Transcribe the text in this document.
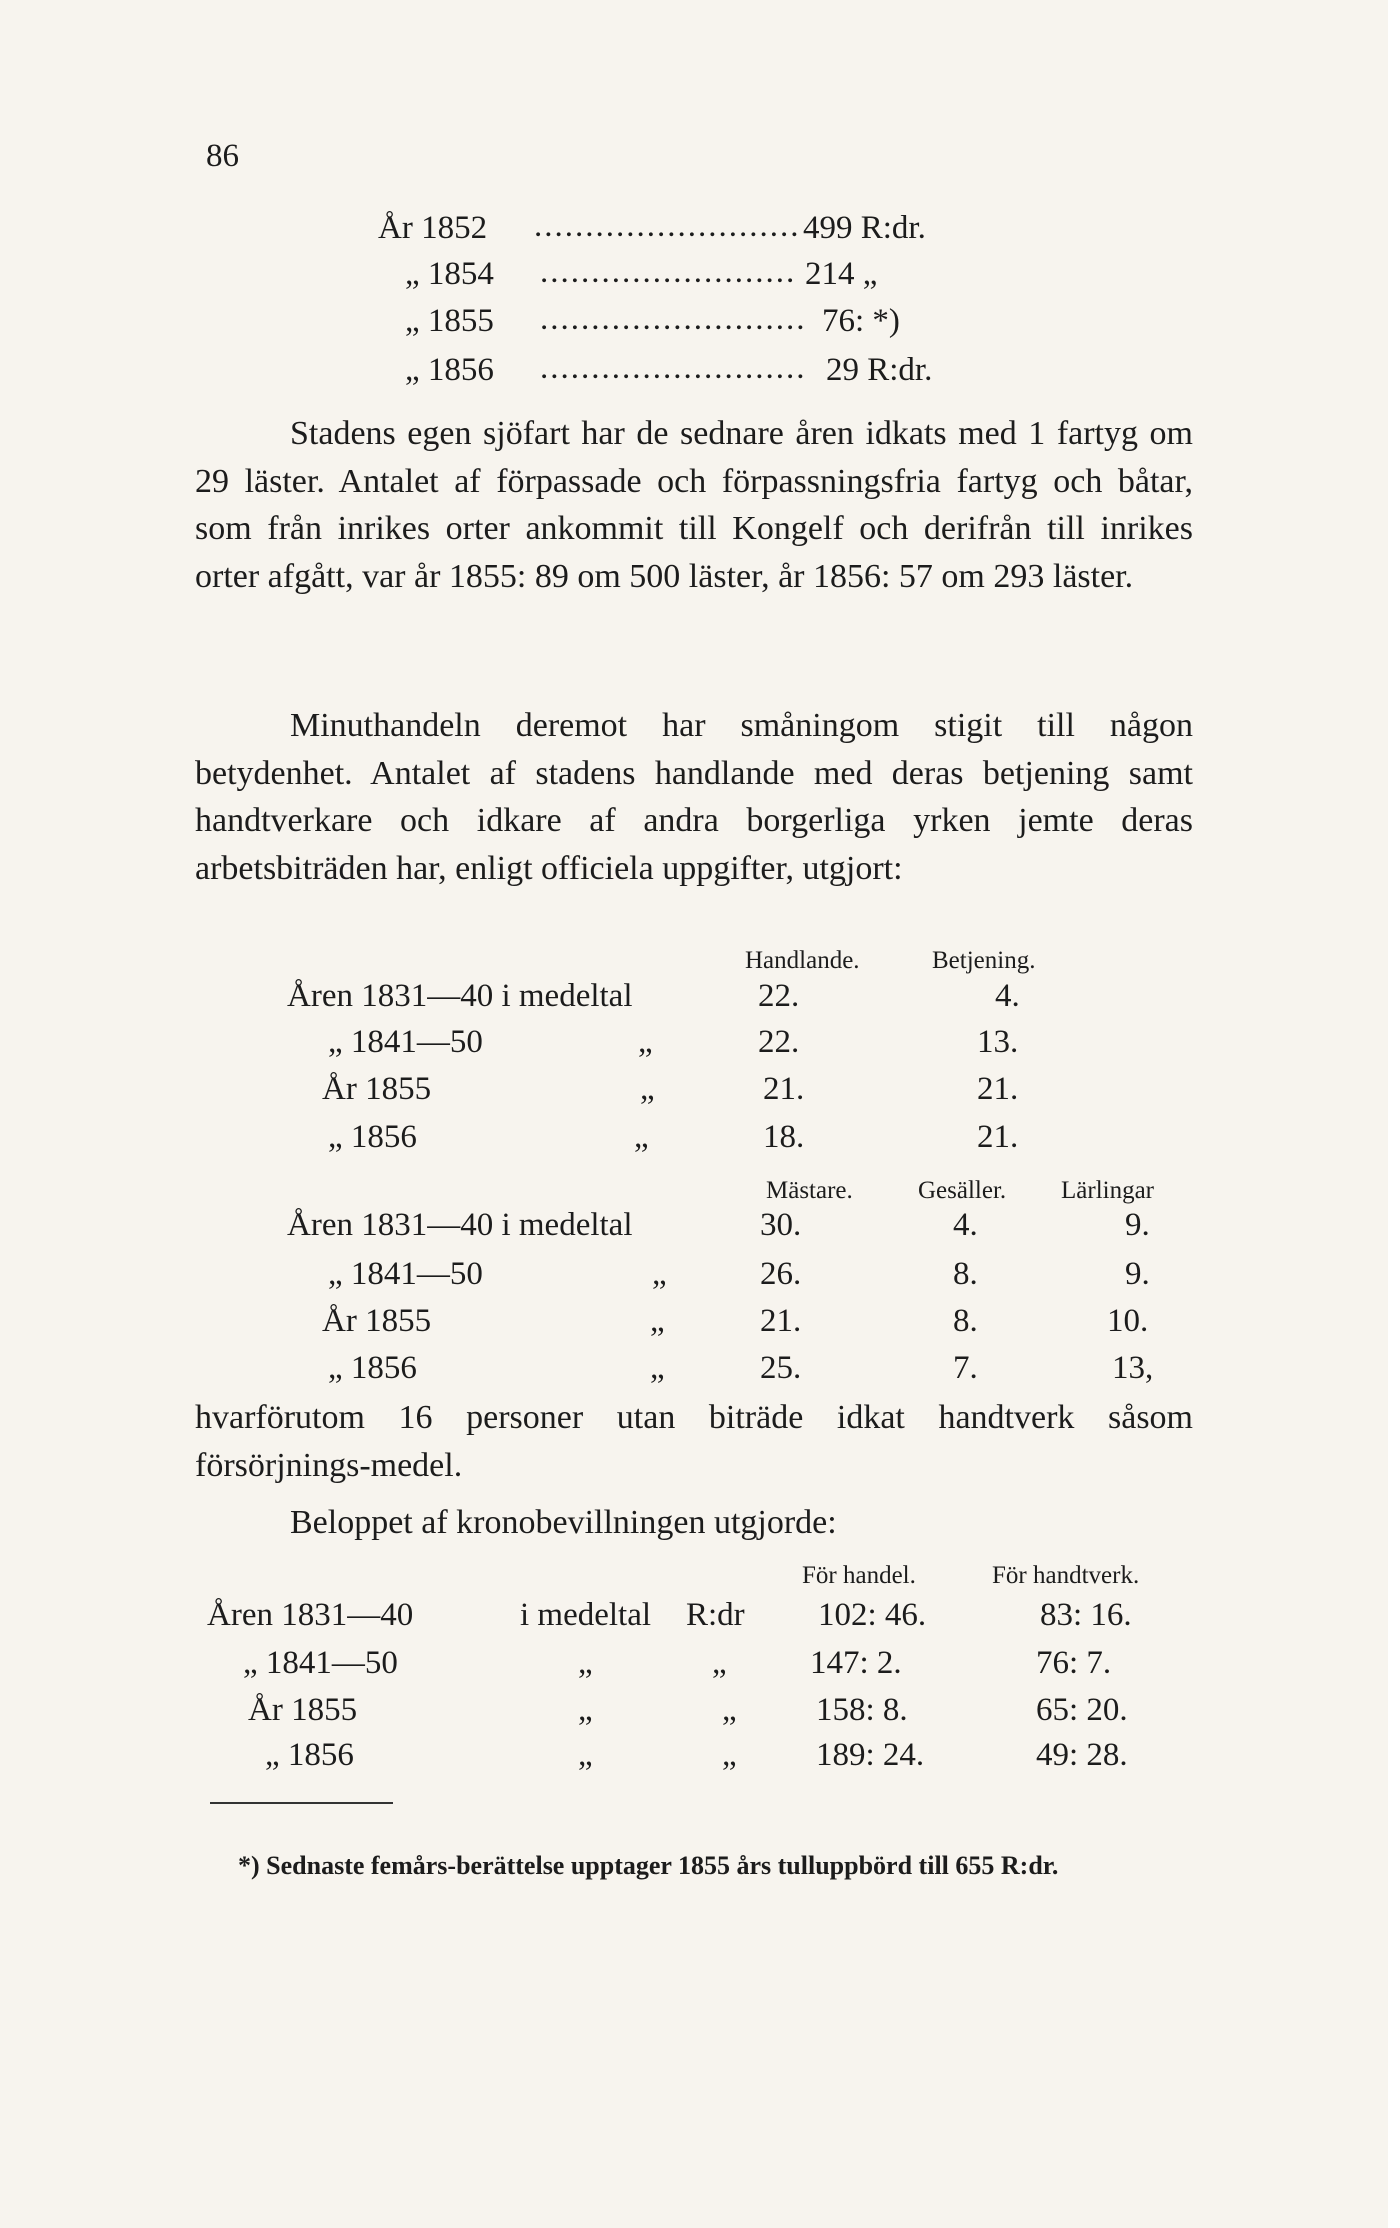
86
År 1852 .......................... 499 R:dr.
„ 1854 ......................... 214 „
„ 1855 .......................... 76: *)
„ 1856 .......................... 29 R:dr.
Stadens egen sjöfart har de sednare åren idkats med 1 fartyg om 29 läster. Antalet af förpassade och förpassningsfria fartyg och båtar, som från inrikes orter ankommit till Kongelf och derifrån till inrikes orter afgått, var år 1855: 89 om 500 läster, år 1856: 57 om 293 läster.
Minuthandeln deremot har småningom stigit till någon betydenhet. Antalet af stadens handlande med deras betjening samt handtverkare och idkare af andra borgerliga yrken jemte deras arbetsbiträden har, enligt officiela uppgifter, utgjort:
Handlande.	Betjening.
Åren 1831—40 i medeltal	22.	4.
„ 1841—50	„	22.	13.
År 1855	„	21.	21.
„ 1856	„	18.	21.
Mästare.	Gesäller. Lärlingar
Åren 1831—40 i medeltal	30.	4.	9.
„ 1841—50	„	26.	8.	9.
År 1855	„	21.	8.	10.
„ 1856	„	25.	7.	13,
hvarförutom 16 personer utan biträde idkat handtverk såsom försörjnings-medel.
Beloppet af kronobevillningen utgjorde:
För handel.	För handtverk.
Åren 1831—40	i medeltal R:dr 102: 46.	83: 16.
„ 1841—50	„	„	147: 2.	76: 7.
År 1855	„	„ 158: 8.	65: 20.
„ 1856	„	„ 189: 24.	49: 28.
*) Sednaste femårs-berättelse upptager 1855 års tulluppbörd till 655 R:dr.
